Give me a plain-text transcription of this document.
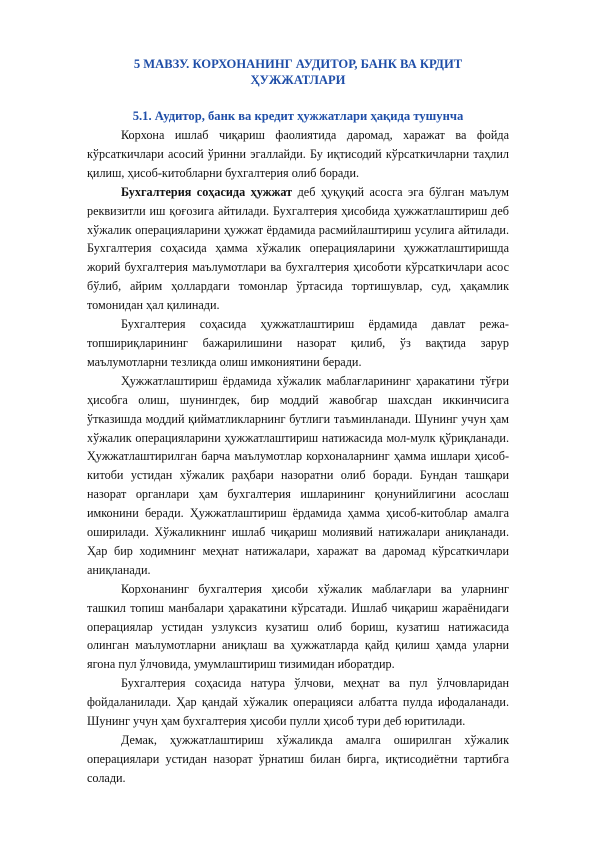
5 МАВЗУ. КОРХОНАНИНГ АУДИТОР, БАНК ВА КРДИТ ҲУЖЖАТЛАРИ
5.1. Аудитор, банк ва кредит ҳужжатлари ҳақида тушунча

Корхона ишлаб чиқариш фаолиятида даромад, харажат ва фойда кўрсаткичлари асосий ўринни эгаллайди. Бу иқтисодий кўрсаткичларни таҳлил қилиш, ҳисоб-китобларни бухгалтерия олиб боради.

Бухгалтерия соҳасида ҳужжат деб ҳуқуқий асосга эга бўлган маълум реквизитли иш қоғозига айтилади. Бухгалтерия ҳисобида ҳужжатлаштириш деб хўжалик операцияларини ҳужжат ёрдамида расмийлаштириш усулига айтилади. Бухгалтерия соҳасида ҳамма хўжалик операцияларини ҳужжатлаштиришда жорий бухгалтерия маълумотлари ва бухгалтерия ҳисоботи кўрсаткичлари асос бўлиб, айрим ҳоллардаги томонлар ўртасида тортишувлар, суд, ҳақамлик томонидан ҳал қилинади.

Бухгалтерия соҳасида ҳужжатлаштириш ёрдамида давлат режа-топшириқларининг бажарилишини назорат қилиб, ўз вақтида зарур маълумотларни тезликда олиш имкониятини беради.

Ҳужжатлаштириш ёрдамида хўжалик маблағларининг ҳаракатини тўғри ҳисобга олиш, шунингдек, бир моддий жавобгар шахсдан иккинчисига ўтказишда моддий қийматликларнинг бутлиги таъминланади. Шунинг учун ҳам хўжалик операцияларини ҳужжатлаштириш натижасида мол-мулк қўриқланади. Ҳужжатлаштирилган барча маълумотлар корхоналарнинг ҳамма ишлари ҳисоб-китоби устидан хўжалик раҳбари назоратни олиб боради. Бундан ташқари назорат органлари ҳам бухгалтерия ишларининг қонунийлигини асослаш имконини беради. Ҳужжатлаштириш ёрдамида ҳамма ҳисоб-китоблар амалга оширилади. Хўжаликнинг ишлаб чиқариш молиявий натижалари аниқланади. Ҳар бир ходимнинг меҳнат натижалари, харажат ва даромад кўрсаткичлари аниқланади.

Корхонанинг бухгалтерия ҳисоби хўжалик маблағлари ва уларнинг ташкил топиш манбалари ҳаракатини кўрсатади. Ишлаб чиқариш жараёнидаги операциялар устидан узлуксиз кузатиш олиб бориш, кузатиш натижасида олинган маълумотларни аниқлаш ва ҳужжатларда қайд қилиш ҳамда уларни ягона пул ўлчовида, умумлаштириш тизимидан иборатдир.

Бухгалтерия соҳасида натура ўлчови, меҳнат ва пул ўлчовларидан фойдаланилади. Ҳар қандай хўжалик операцияси албатта пулда ифодаланади. Шунинг учун ҳам бухгалтерия ҳисоби пулли ҳисоб тури деб юритилади.

Демак, ҳужжатлаштириш хўжаликда амалга оширилган хўжалик операциялари устидан назорат ўрнатиш билан бирга, иқтисодиётни тартибга солади.
